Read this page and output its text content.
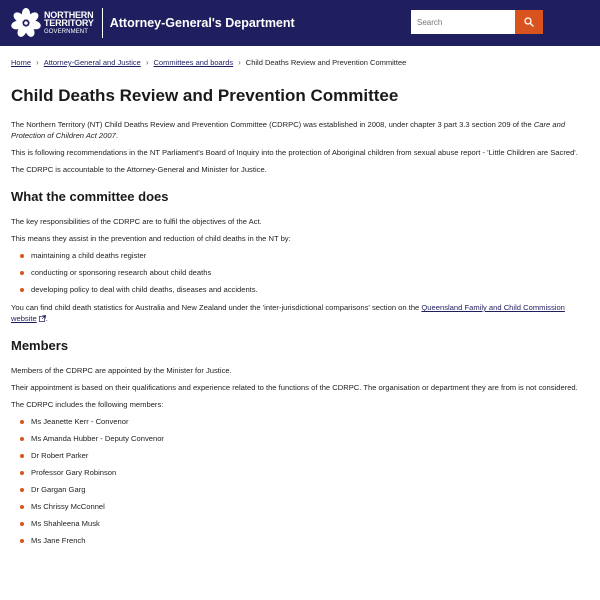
NORTHERN
TERRITORY
GOVERNMENT
Attorney-General's Department
Search
Home › Attorney-General and Justice › Committees and boards › Child Deaths Review and Prevention Committee
Child Deaths Review and Prevention Committee

The Northern Territory (NT) Child Deaths Review and Prevention Committee (CDRPC) was established in 2008, under chapter 3 part 3.3 section 209 of the Care and Protection of Children Act 2007.

This is following recommendations in the NT Parliament's Board of Inquiry into the protection of Aboriginal children from sexual abuse report - 'Little Children are Sacred'.

The CDRPC is accountable to the Attorney-General and Minister for Justice.

What the committee does

The key responsibilities of the CDRPC are to fulfil the objectives of the Act.

This means they assist in the prevention and reduction of child deaths in the NT by:

maintaining a child deaths register
conducting or sponsoring research about child deaths
developing policy to deal with child deaths, diseases and accidents.

You can find child death statistics for Australia and New Zealand under the 'inter-jurisdictional comparisons' section on the Queensland Family and Child Commission website .

Members

Members of the CDRPC are appointed by the Minister for Justice.

Their appointment is based on their qualifications and experience related to the functions of the CDRPC. The organisation or department they are from is not considered.

The CDRPC includes the following members:

Ms Jeanette Kerr - Convenor
Ms Amanda Hubber - Deputy Convenor
Dr Robert Parker
Professor Gary Robinson
Dr Gargan Garg
Ms Chrissy McConnel
Ms Shahleena Musk
Ms Jane French
